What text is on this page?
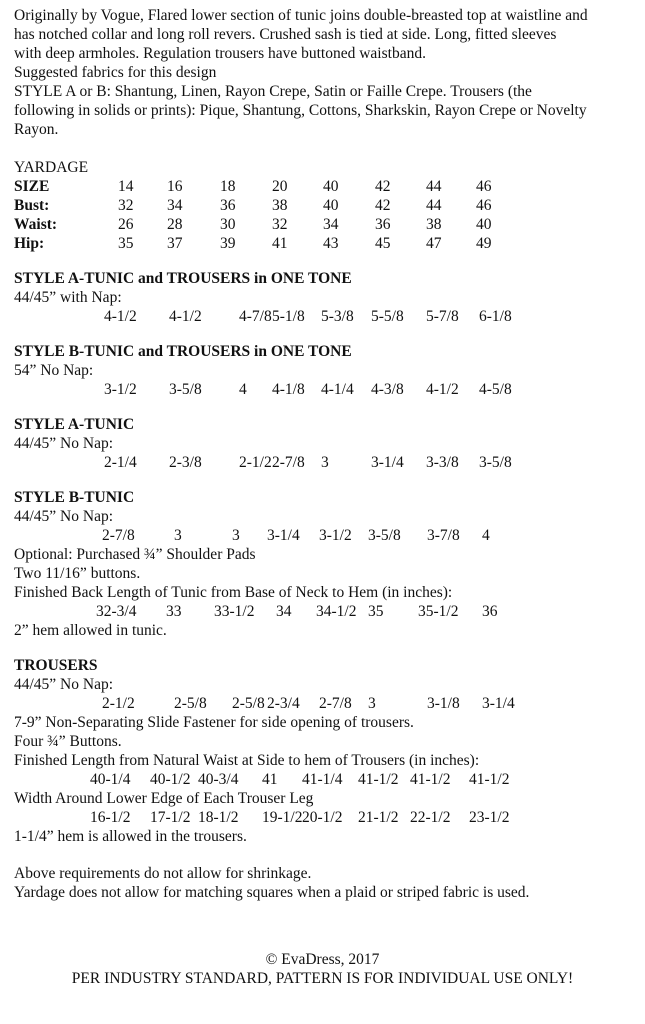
Originally by Vogue, Flared lower section of tunic joins double-breasted top at waistline and

has notched collar and long roll revers. Crushed sash is tied at side. Long, fitted sleeves

with deep armholes. Regulation trousers have buttoned waistband.

Suggested fabrics for this design

STYLE A or B: Shantung, Linen, Rayon Crepe, Satin or Faille Crepe. Trousers (the

following in solids or prints): Pique, Shantung, Cottons, Sharkskin, Rayon Crepe or Novelty

Rayon.

YARDAGE

SIZE	14 16 18 20 40 42 44 46
Bust:	32 34 36 38 40 42 44 46
Waist:	26 28 30 32 34 36 38 40
Hip:	35 37 39 41 43 45 47 49

STYLE A-TUNIC and TROUSERS in ONE TONE

44/45” with Nap:

4-1/2 4-1/2 4-7/8 5-1/8 5-3/8 5-5/8 5-7/8 6-1/8

STYLE B-TUNIC and TROUSERS in ONE TONE

54” No Nap:

3-1/2 3-5/8 4 4-1/8 4-1/4 4-3/8 4-1/2 4-5/8

STYLE A-TUNIC

44/45” No Nap:

2-1/4 2-3/8 2-1/2 2-7/8 3	3-1/4 3-3/8 3-5/8

STYLE B-TUNIC

44/45” No Nap:

2-7/8	3	3 3-1/4 3-1/2 3-5/8 3-7/8 4

Optional: Purchased ¾” Shoulder Pads

Two 11/16” buttons.

Finished Back Length of Tunic from Base of Neck to Hem (in inches):

32-3/4 33 33-1/2 34 34-1/2 35 35-1/2 36

2” hem allowed in tunic.

TROUSERS

44/45” No Nap:

2-1/2	2-5/8 2-5/8 2-3/4 2-7/8 3	3-1/8 3-1/4

7-9” Non-Separating Slide Fastener for side opening of trousers.

Four ¾” Buttons.

Finished Length from Natural Waist at Side to hem of Trousers (in inches):

40-1/4 40-1/2 40-3/4 41 41-1/4 41-1/2 41-1/2 41-1/2

Width Around Lower Edge of Each Trouser Leg

16-1/2 17-1/2 18-1/2 19-1/2 20-1/2 21-1/2 22-1/2 23-1/2

1-1/4” hem is allowed in the trousers.

Above requirements do not allow for shrinkage.

Yardage does not allow for matching squares when a plaid or striped fabric is used.

© EvaDress, 2017
PER INDUSTRY STANDARD, PATTERN IS FOR INDIVIDUAL USE ONLY!
